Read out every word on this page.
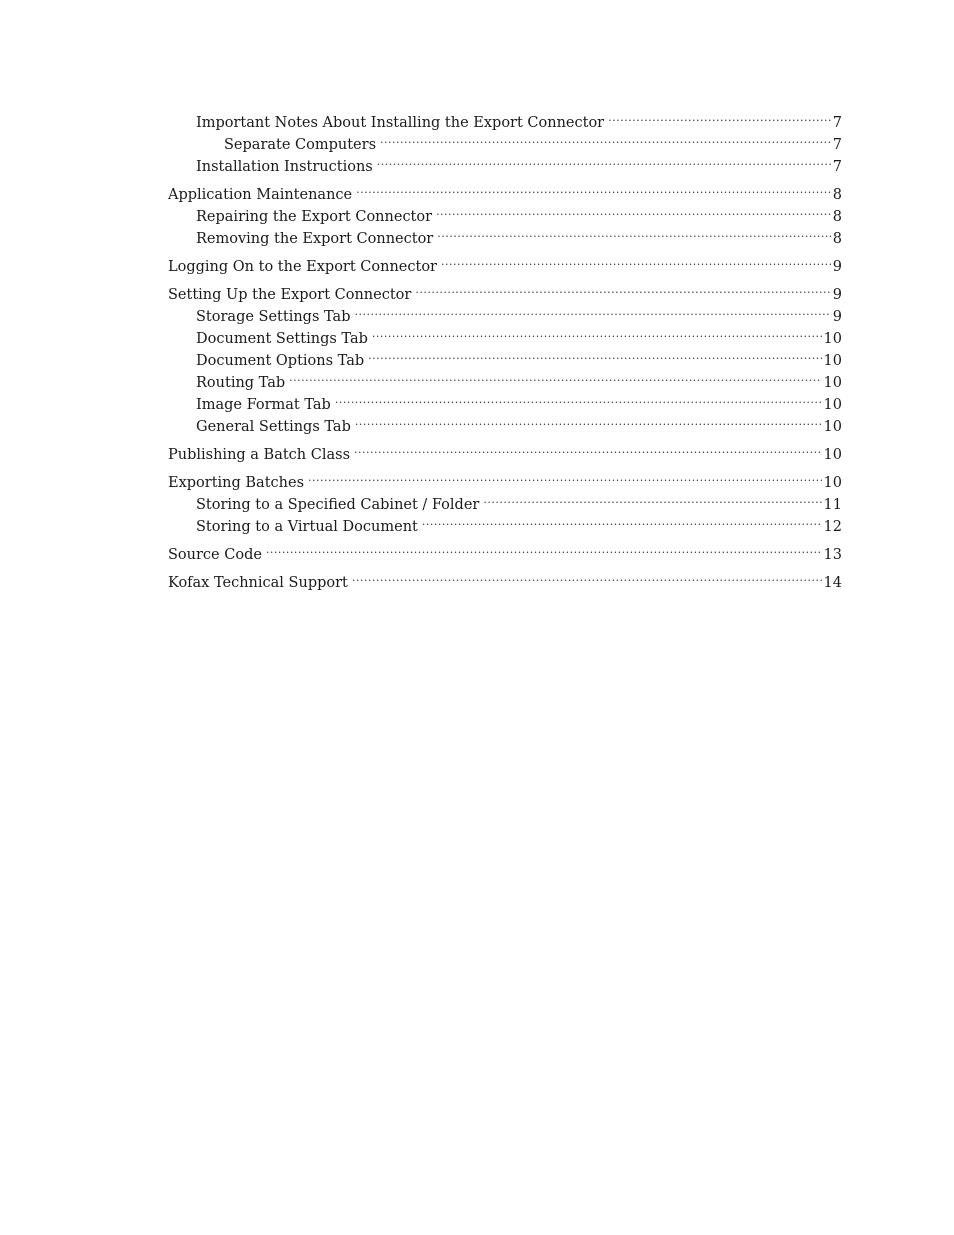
Important Notes About Installing the Export Connector .....	7
Separate Computers .....	7
Installation Instructions .....	7
Application Maintenance .....	8
Repairing the Export Connector .....	8
Removing the Export Connector .....	8
Logging On to the Export Connector .....	9
Setting Up the Export Connector .....	9
Storage Settings Tab .....	9
Document Settings Tab .....	10
Document Options Tab .....	10
Routing Tab .....	10
Image Format Tab .....	10
General Settings Tab .....	10
Publishing a Batch Class .....	10
Exporting Batches .....	10
Storing to a Specified Cabinet / Folder .....	11
Storing to a Virtual Document .....	12
Source Code .....	13
Kofax Technical Support .....	14
